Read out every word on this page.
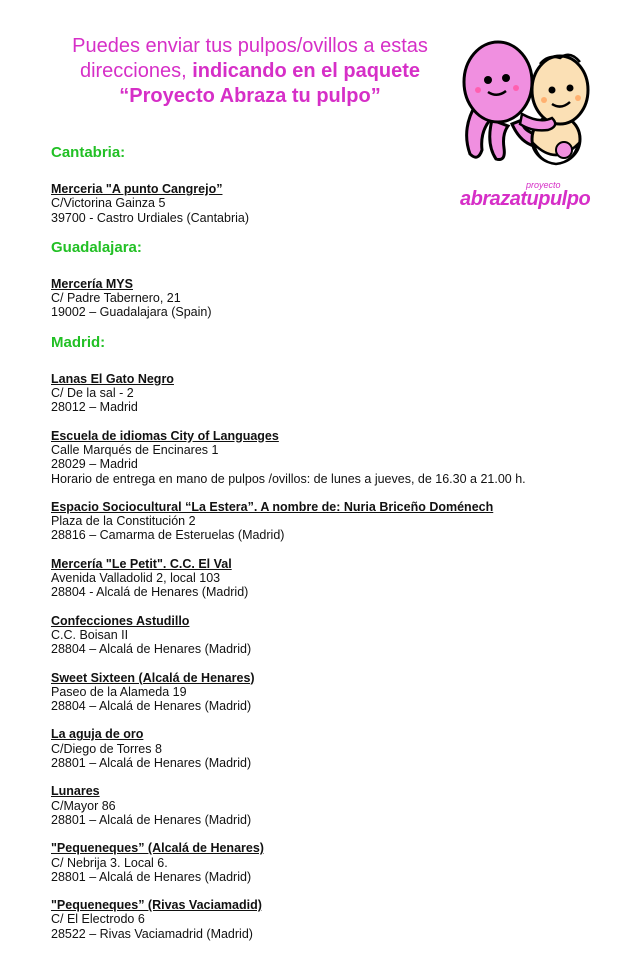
Puedes enviar tus pulpos/ovillos a estas
direcciones, indicando en el paquete
“Proyecto Abraza tu pulpo”
proyecto
abrazatupulpo
Cantabria:
Merceria "A punto Cangrejo”
C/Victorina Gainza 5
39700 - Castro Urdiales (Cantabria)
Guadalajara:
Mercería MYS
C/ Padre Tabernero, 21
19002 – Guadalajara (Spain)
Madrid:
Lanas El Gato Negro
C/ De la sal - 2
28012 – Madrid
Escuela de idiomas City of Languages
Calle Marqués de Encinares 1
28029 – Madrid
Horario de entrega en mano de pulpos /ovillos: de lunes a jueves, de 16.30 a 21.00 h.
Espacio Sociocultural “La Estera”. A nombre de: Nuria Briceño Doménech
Plaza de la Constitución 2
28816 – Camarma de Esteruelas (Madrid)
Mercería "Le Petit". C.C. El Val
Avenida Valladolid 2, local 103
28804 - Alcalá de Henares (Madrid)
Confecciones Astudillo
C.C. Boisan II
28804 – Alcalá de Henares (Madrid)
Sweet Sixteen (Alcalá de Henares)
Paseo de la Alameda 19
28804 – Alcalá de Henares (Madrid)
La aguja de oro
C/Diego de Torres 8
28801 – Alcalá de Henares (Madrid)
Lunares
C/Mayor 86
28801 – Alcalá de Henares (Madrid)
"Pequeneques” (Alcalá de Henares)
C/ Nebrija 3. Local 6.
28801 – Alcalá de Henares (Madrid)
"Pequeneques” (Rivas Vaciamadid)
C/ El Electrodo 6
28522 – Rivas Vaciamadrid (Madrid)
